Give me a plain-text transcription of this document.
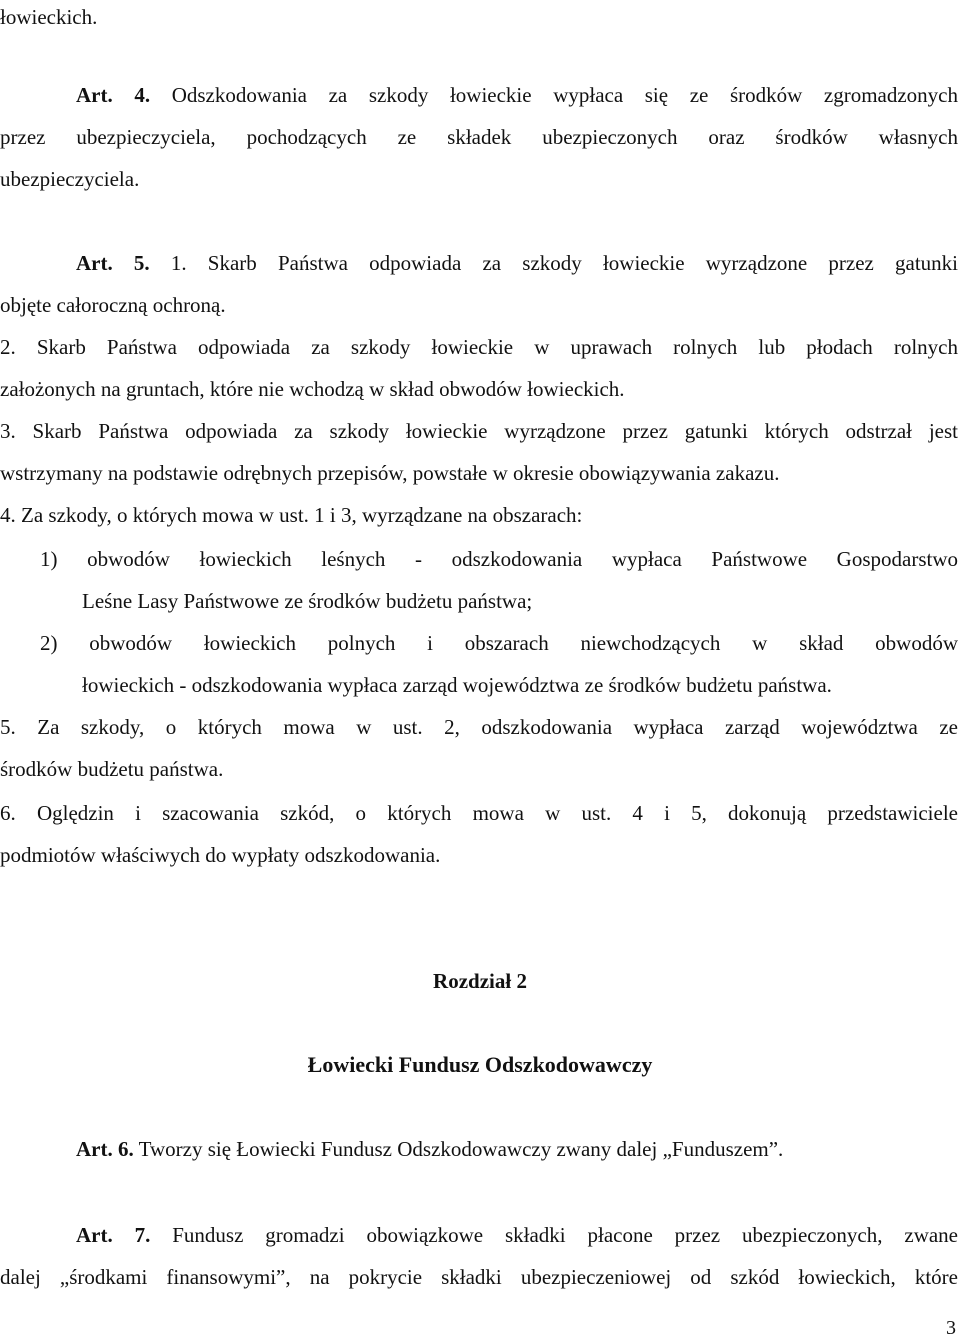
łowieckich.
Art. 4. Odszkodowania za szkody łowieckie wypłaca się ze środków zgromadzonych
przez ubezpieczyciela, pochodzących ze składek ubezpieczonych oraz środków własnych
ubezpieczyciela.
Art. 5. 1. Skarb Państwa odpowiada za szkody łowieckie wyrządzone przez gatunki
objęte całoroczną ochroną.
2. Skarb Państwa odpowiada za szkody łowieckie w uprawach rolnych lub płodach rolnych
założonych na gruntach, które nie wchodzą w skład obwodów łowieckich.
3. Skarb Państwa odpowiada za szkody łowieckie wyrządzone przez gatunki których odstrzał jest
wstrzymany na podstawie odrębnych przepisów, powstałe w okresie obowiązywania zakazu.
4. Za szkody, o których mowa w ust. 1 i 3, wyrządzane na obszarach:
1) obwodów łowieckich leśnych - odszkodowania wypłaca Państwowe Gospodarstwo
Leśne Lasy Państwowe ze środków budżetu państwa;
2) obwodów łowieckich polnych i obszarach niewchodzących w skład obwodów
łowieckich - odszkodowania wypłaca zarząd województwa ze środków budżetu państwa.
5. Za szkody, o których mowa w ust. 2, odszkodowania wypłaca zarząd województwa ze
środków budżetu państwa.
6. Oględzin i szacowania szkód, o których mowa w ust. 4 i 5, dokonują przedstawiciele
podmiotów właściwych do wypłaty odszkodowania.
Rozdział 2
Łowiecki Fundusz Odszkodowawczy
Art. 6. Tworzy się Łowiecki Fundusz Odszkodowawczy zwany dalej „Funduszem”.
Art. 7. Fundusz gromadzi obowiązkowe składki płacone przez ubezpieczonych, zwane
dalej „środkami finansowymi”, na pokrycie składki ubezpieczeniowej od szkód łowieckich, które
3
